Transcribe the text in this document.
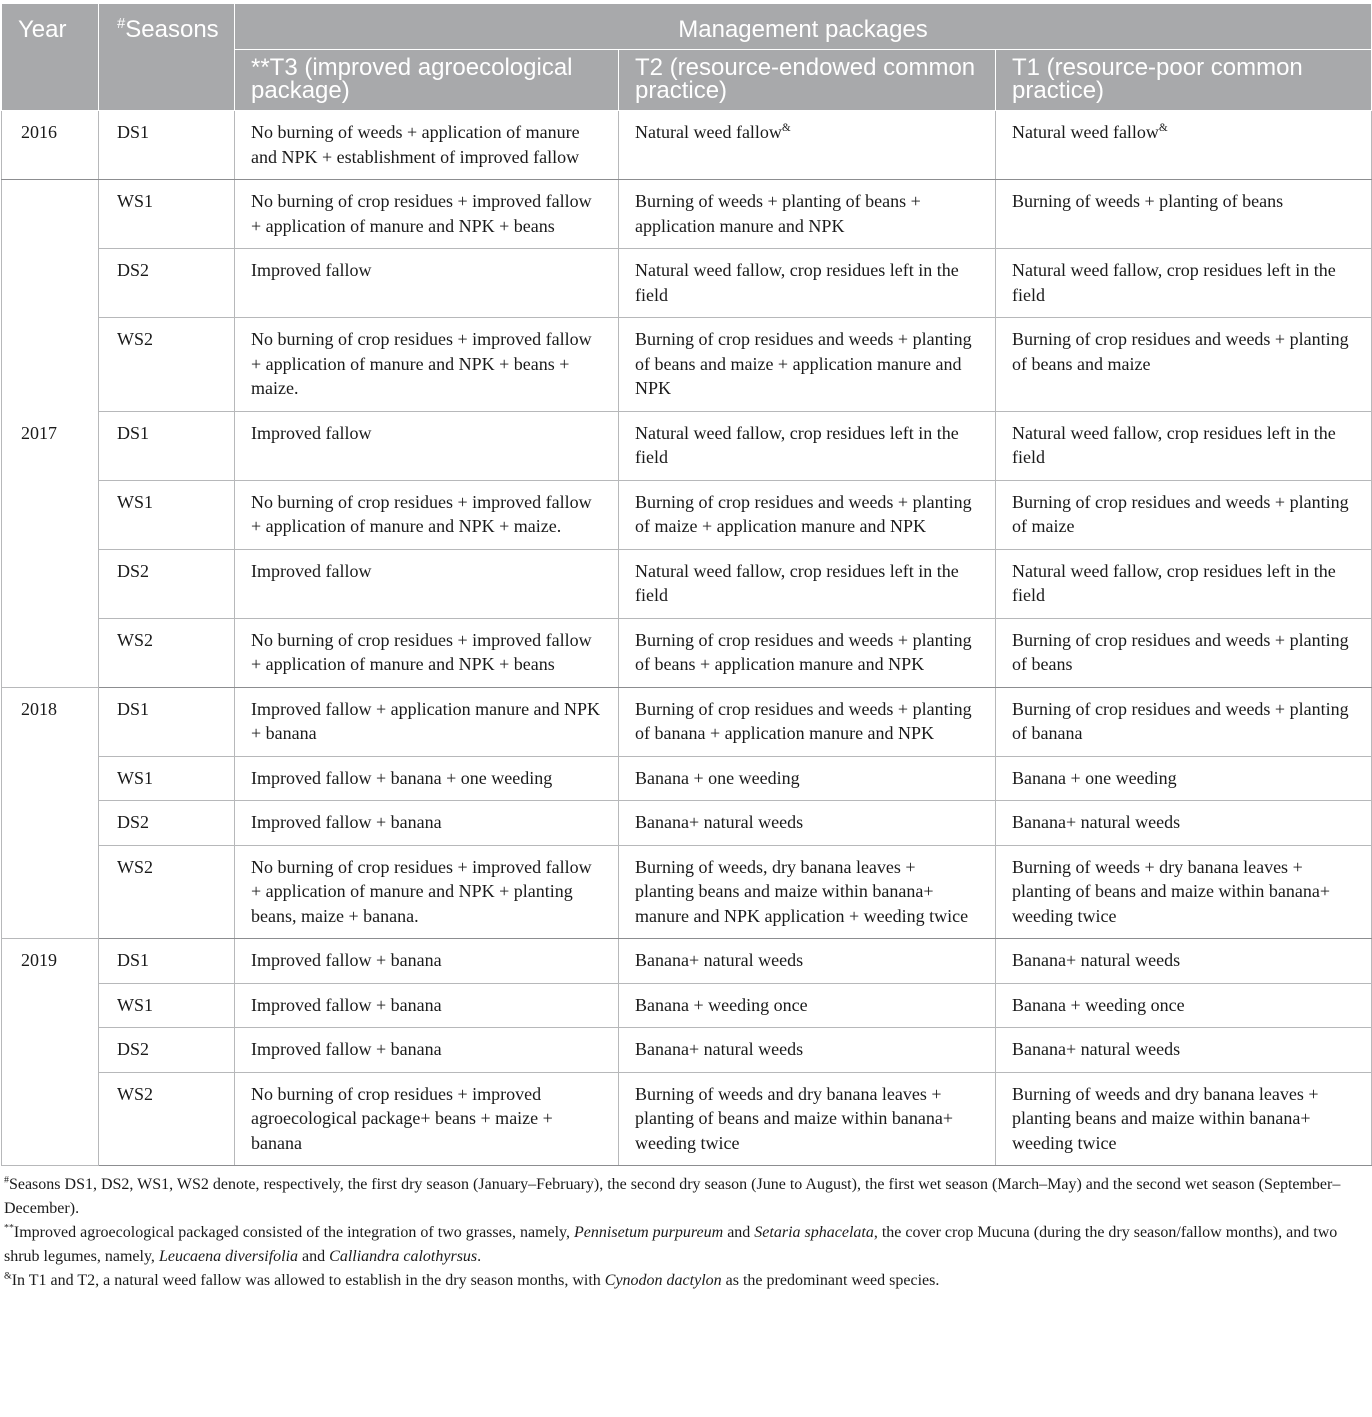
Year	#Seasons	Management packages		
		**T3 (improved agroecological package)	T2 (resource-endowed common practice)	T1 (resource-poor common practice)
2016	DS1	No burning of weeds + application of manure and NPK + establishment of improved fallow	Natural weed fallow&	Natural weed fallow&
2017	WS1	No burning of crop residues + improved fallow + application of manure and NPK + beans	Burning of weeds + planting of beans + application manure and NPK	Burning of weeds + planting of beans
	DS2	Improved fallow	Natural weed fallow, crop residues left in the field	Natural weed fallow, crop residues left in the field
	WS2	No burning of crop residues + improved fallow + application of manure and NPK + beans + maize.	Burning of crop residues and weeds + planting of beans and maize + application manure and NPK	Burning of crop residues and weeds + planting of beans and maize
	DS1	Improved fallow	Natural weed fallow, crop residues left in the field	Natural weed fallow, crop residues left in the field
	WS1	No burning of crop residues + improved fallow + application of manure and NPK + maize.	Burning of crop residues and weeds + planting of maize + application manure and NPK	Burning of crop residues and weeds + planting of maize
	DS2	Improved fallow	Natural weed fallow, crop residues left in the field	Natural weed fallow, crop residues left in the field
	WS2	No burning of crop residues + improved fallow + application of manure and NPK + beans	Burning of crop residues and weeds + planting of beans + application manure and NPK	Burning of crop residues and weeds + planting of beans
2018	DS1	Improved fallow + application manure and NPK + banana	Burning of crop residues and weeds + planting of banana + application manure and NPK	Burning of crop residues and weeds + planting of banana
	WS1	Improved fallow + banana + one weeding	Banana + one weeding	Banana + one weeding
	DS2	Improved fallow + banana	Banana+ natural weeds	Banana+ natural weeds
	WS2	No burning of crop residues + improved fallow + application of manure and NPK + planting beans, maize + banana.	Burning of weeds, dry banana leaves + planting beans and maize within banana+ manure and NPK application + weeding twice	Burning of weeds + dry banana leaves + planting of beans and maize within banana+ weeding twice
2019	DS1	Improved fallow + banana	Banana+ natural weeds	Banana+ natural weeds
	WS1	Improved fallow + banana	Banana + weeding once	Banana + weeding once
	DS2	Improved fallow + banana	Banana+ natural weeds	Banana+ natural weeds
	WS2	No burning of crop residues + improved agroecological package+ beans + maize + banana	Burning of weeds and dry banana leaves + planting of beans and maize within banana+ weeding twice	Burning of weeds and dry banana leaves + planting beans and maize within banana+ weeding twice

#Seasons DS1, DS2, WS1, WS2 denote, respectively, the first dry season (January–February), the second dry season (June to August), the first wet season (March–May) and the second wet season (September–December).

**Improved agroecological packaged consisted of the integration of two grasses, namely, Pennisetum purpureum and Setaria sphacelata, the cover crop Mucuna (during the dry season/fallow months), and two shrub legumes, namely, Leucaena diversifolia and Calliandra calothyrsus.

&In T1 and T2, a natural weed fallow was allowed to establish in the dry season months, with Cynodon dactylon as the predominant weed species.
